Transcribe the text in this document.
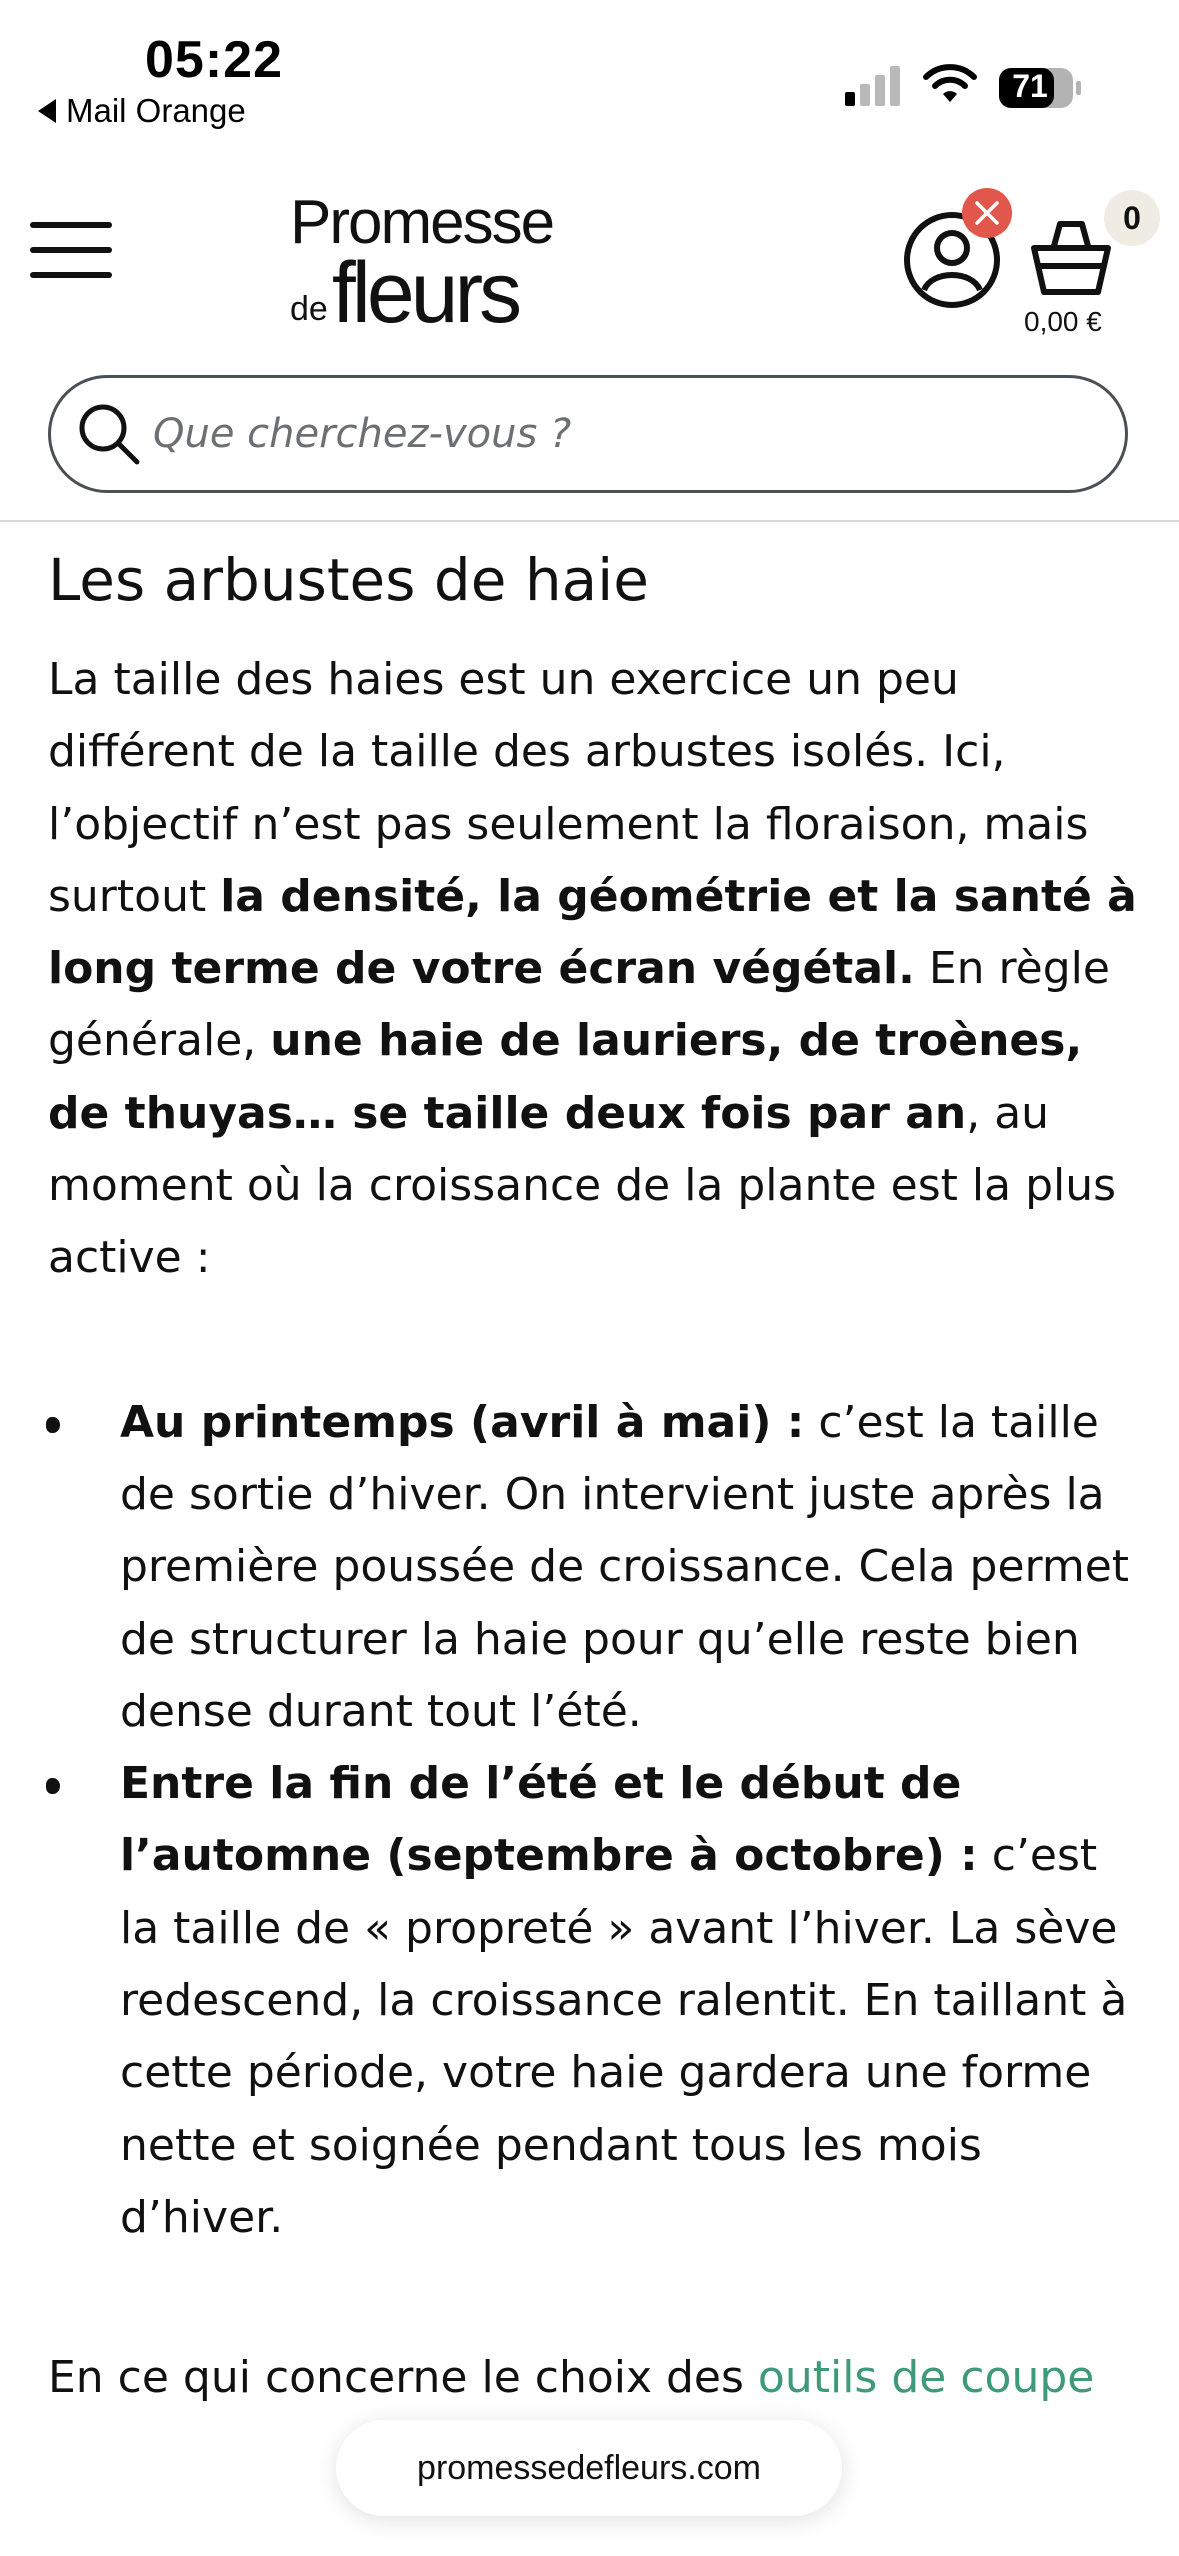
05:22
Mail Orange
71
Promesse
de fleurs
0
0,00 €
Que cherchez-vous ?
Les arbustes de haie

La taille des haies est un exercice un peu différent de la taille des arbustes isolés. Ici, l’objectif n’est pas seulement la floraison, mais surtout la densité, la géométrie et la santé à long terme de votre écran végétal. En règle générale, une haie de lauriers, de troènes, de thuyas… se taille deux fois par an, au moment où la croissance de la plante est la plus active :

Au printemps (avril à mai) : c’est la taille de sortie d’hiver. On intervient juste après la première poussée de croissance. Cela permet de structurer la haie pour qu’elle reste bien dense durant tout l’été.
Entre la fin de l’été et le début de l’automne (septembre à octobre) : c’est la taille de « propreté » avant l’hiver. La sève redescend, la croissance ralentit. En taillant à cette période, votre haie gardera une forme nette et soignée pendant tous les mois d’hiver.
En ce qui concerne le choix des outils de coupe
promessedefleurs.com
